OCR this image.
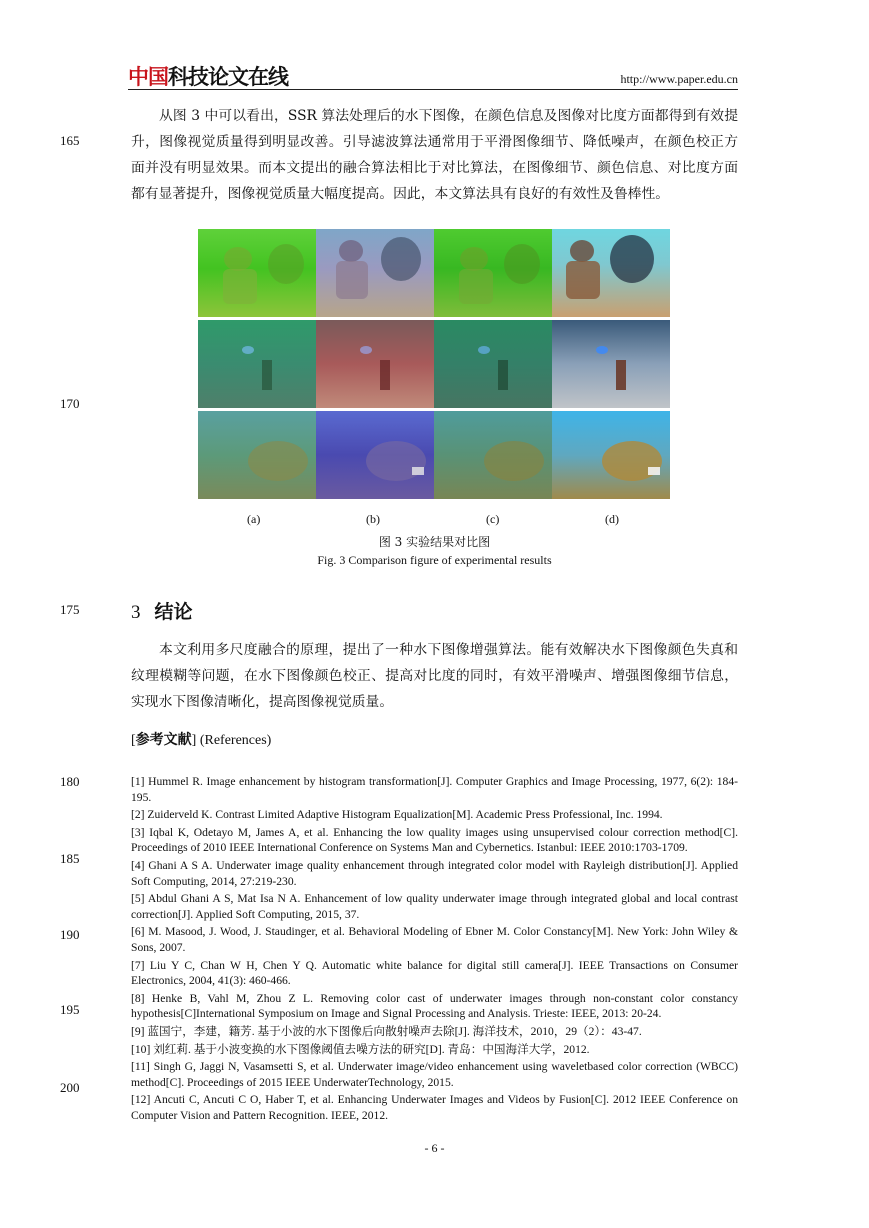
中国科技论文在线	http://www.paper.edu.cn
165
170
175
180
185
190
195
200

从图 3 中可以看出，SSR 算法处理后的水下图像，在颜色信息及图像对比度方面都得到有效提升，图像视觉质量得到明显改善。引导滤波算法通常用于平滑图像细节、降低噪声，在颜色校正方面并没有明显效果。而本文提出的融合算法相比于对比算法，在图像细节、颜色信息、对比度方面都有显著提升，图像视觉质量大幅度提高。因此，本文算法具有良好的有效性及鲁棒性。

(a)	(b)	(c)	(d)
图 3 实验结果对比图
Fig. 3 Comparison figure of experimental results
3 结论

本文利用多尺度融合的原理，提出了一种水下图像增强算法。能有效解决水下图像颜色失真和纹理模糊等问题，在水下图像颜色校正、提高对比度的同时，有效平滑噪声、增强图像细节信息，实现水下图像清晰化，提高图像视觉质量。

[参考文献] (References)
[1] Hummel R. Image enhancement by histogram transformation[J]. Computer Graphics and Image Processing, 1977, 6(2): 184-195.
[2] Zuiderveld K. Contrast Limited Adaptive Histogram Equalization[M]. Academic Press Professional, Inc. 1994.
[3] Iqbal K, Odetayo M, James A, et al. Enhancing the low quality images using unsupervised colour correction method[C]. Proceedings of 2010 IEEE International Conference on Systems Man and Cybernetics. Istanbul: IEEE 2010:1703-1709.
[4] Ghani A S A. Underwater image quality enhancement through integrated color model with Rayleigh distribution[J]. Applied Soft Computing, 2014, 27:219-230.
[5] Abdul Ghani A S, Mat Isa N A. Enhancement of low quality underwater image through integrated global and local contrast correction[J]. Applied Soft Computing, 2015, 37.
[6] M. Masood, J. Wood, J. Staudinger, et al. Behavioral Modeling of Ebner M. Color Constancy[M]. New York: John Wiley & Sons, 2007.
[7] Liu Y C, Chan W H, Chen Y Q. Automatic white balance for digital still camera[J]. IEEE Transactions on Consumer Electronics, 2004, 41(3): 460-466.
[8] Henke B, Vahl M, Zhou Z L. Removing color cast of underwater images through non-constant color constancy hypothesis[C]International Symposium on Image and Signal Processing and Analysis. Trieste: IEEE, 2013: 20-24.
[9] 蓝国宁，李建，籍芳. 基于小波的水下图像后向散射噪声去除[J]. 海洋技术，2010，29（2）：43-47.
[10] 刘红莉. 基于小波变换的水下图像阈值去噪方法的研究[D]. 青岛：中国海洋大学，2012.
[11] Singh G, Jaggi N, Vasamsetti S, et al. Underwater image/video enhancement using waveletbased color correction (WBCC) method[C]. Proceedings of 2015 IEEE UnderwaterTechnology, 2015.
[12] Ancuti C, Ancuti C O, Haber T, et al. Enhancing Underwater Images and Videos by Fusion[C]. 2012 IEEE Conference on Computer Vision and Pattern Recognition. IEEE, 2012.
- 6 -
